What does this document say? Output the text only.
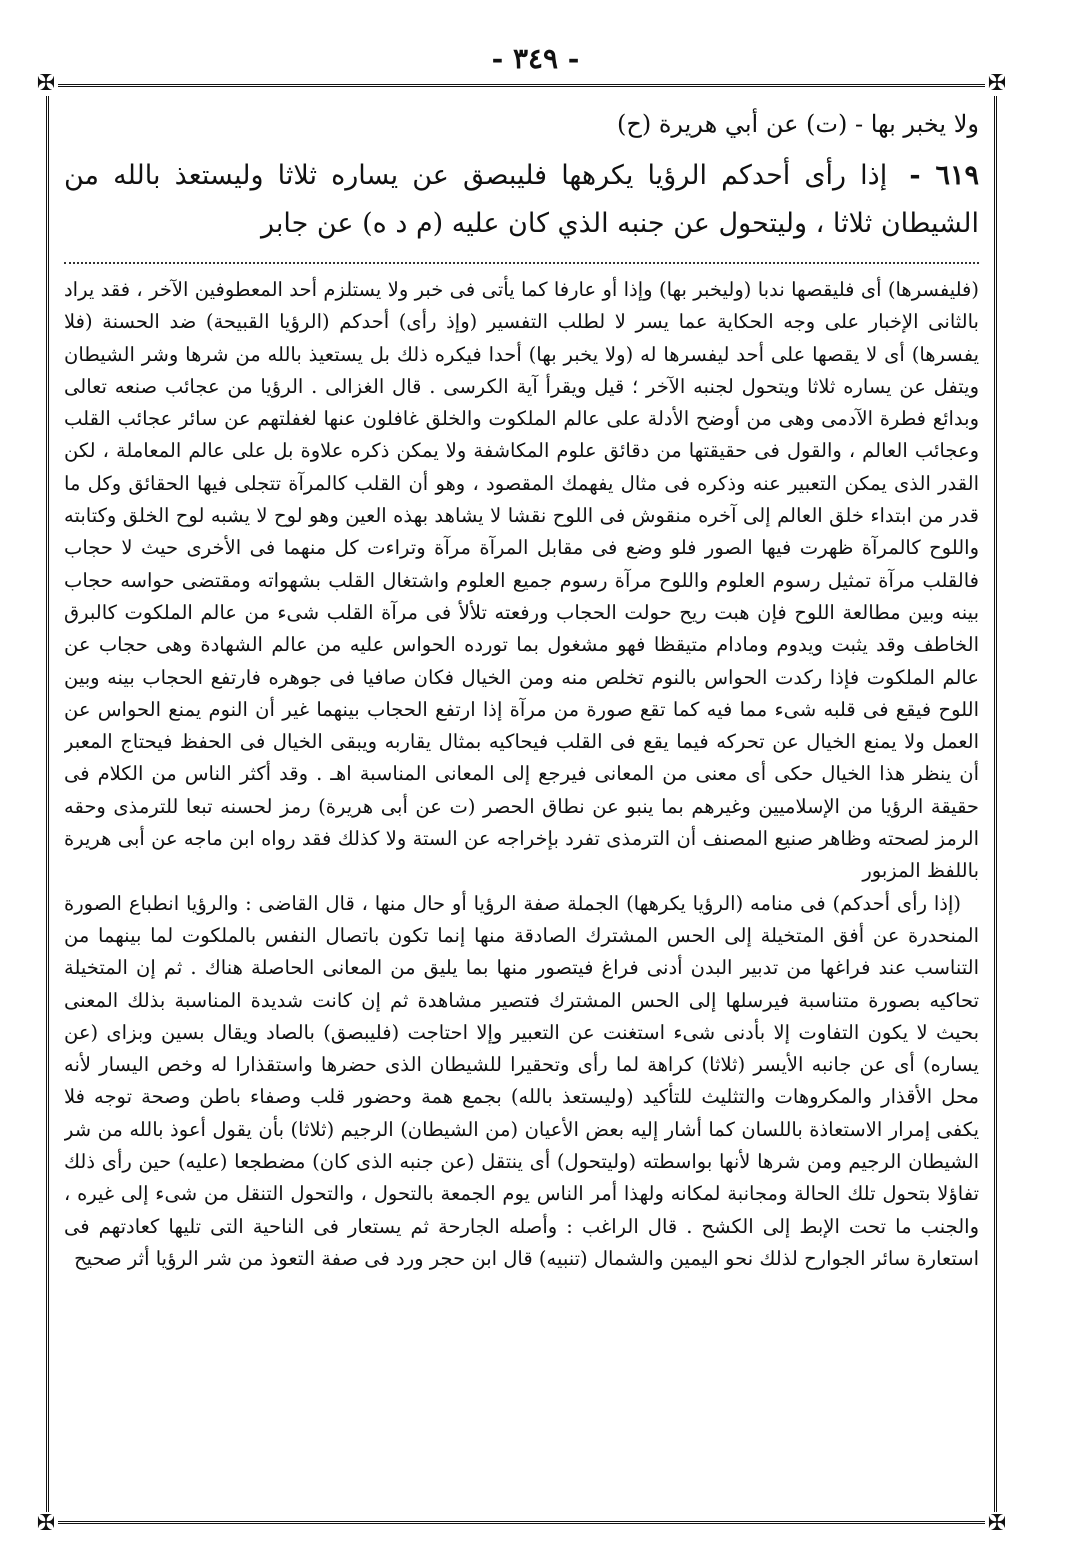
- ٣٤٩ -
✠	✠
✠	✠

ولا يخبر بها - (ت) عن أبي هريرة (ح)

٦١٩ - إذا رأى أحدكم الرؤيا يكرهها فليبصق عن يساره ثلاثا وليستعذ بالله من الشيطان ثلاثا ، وليتحول عن جنبه الذي كان عليه (م د ه) عن جابر

(فليفسرها) أى فليقصها ندبا (وليخبر بها) وإذا أو عارفا كما يأتى فى خبر ولا يستلزم أحد المعطوفين الآخر ، فقد يراد بالثانى الإخبار على وجه الحكاية عما يسر لا لطلب التفسير (وإذ رأى) أحدكم (الرؤيا القبيحة) ضد الحسنة (فلا يفسرها) أى لا يقصها على أحد ليفسرها له (ولا يخبر بها) أحدا فيكره ذلك بل يستعيذ بالله من شرها وشر الشيطان ويتفل عن يساره ثلاثا ويتحول لجنبه الآخر ؛ قيل ويقرأ آية الكرسى . قال الغزالى . الرؤيا من عجائب صنعه تعالى وبدائع فطرة الآدمى وهى من أوضح الأدلة على عالم الملكوت والخلق غافلون عنها لغفلتهم عن سائر عجائب القلب وعجائب العالم ، والقول فى حقيقتها من دقائق علوم المكاشفة ولا يمكن ذكره علاوة بل على عالم المعاملة ، لكن القدر الذى يمكن التعبير عنه وذكره فى مثال يفهمك المقصود ، وهو أن القلب كالمرآة تتجلى فيها الحقائق وكل ما قدر من ابتداء خلق العالم إلى آخره منقوش فى اللوح نقشا لا يشاهد بهذه العين وهو لوح لا يشبه لوح الخلق وكتابته واللوح كالمرآة ظهرت فيها الصور فلو وضع فى مقابل المرآة مرآة وتراءت كل منهما فى الأخرى حيث لا حجاب فالقلب مرآة تمثيل رسوم العلوم واللوح مرآة رسوم جميع العلوم واشتغال القلب بشهواته ومقتضى حواسه حجاب بينه وبين مطالعة اللوح فإن هبت ريح حولت الحجاب ورفعته تلألأ فى مرآة القلب شىء من عالم الملكوت كالبرق الخاطف وقد يثبت ويدوم ومادام متيقظا فهو مشغول بما تورده الحواس عليه من عالم الشهادة وهى حجاب عن عالم الملكوت فإذا ركدت الحواس بالنوم تخلص منه ومن الخيال فكان صافيا فى جوهره فارتفع الحجاب بينه وبين اللوح فيقع فى قلبه شىء مما فيه كما تقع صورة من مرآة إذا ارتفع الحجاب بينهما غير أن النوم يمنع الحواس عن العمل ولا يمنع الخيال عن تحركه فيما يقع فى القلب فيحاكيه بمثال يقاربه ويبقى الخيال فى الحفظ فيحتاج المعبر أن ينظر هذا الخيال حكى أى معنى من المعانى فيرجع إلى المعانى المناسبة اهـ . وقد أكثر الناس من الكلام فى حقيقة الرؤيا من الإسلاميين وغيرهم بما ينبو عن نطاق الحصر (ت عن أبى هريرة) رمز لحسنه تبعا للترمذى وحقه الرمز لصحته وظاهر صنيع المصنف أن الترمذى تفرد بإخراجه عن الستة ولا كذلك فقد رواه ابن ماجه عن أبى هريرة باللفظ المزبور

(إذا رأى أحدكم) فى منامه (الرؤيا يكرهها) الجملة صفة الرؤيا أو حال منها ، قال القاضى : والرؤيا انطباع الصورة المنحدرة عن أفق المتخيلة إلى الحس المشترك الصادقة منها إنما تكون باتصال النفس بالملكوت لما بينهما من التناسب عند فراغها من تدبير البدن أدنى فراغ فيتصور منها بما يليق من المعانى الحاصلة هناك . ثم إن المتخيلة تحاكيه بصورة متناسبة فيرسلها إلى الحس المشترك فتصير مشاهدة ثم إن كانت شديدة المناسبة بذلك المعنى بحيث لا يكون التفاوت إلا بأدنى شىء استغنت عن التعبير وإلا احتاجت (فليبصق) بالصاد ويقال بسين وبزاى (عن يساره) أى عن جانبه الأيسر (ثلاثا) كراهة لما رأى وتحقيرا للشيطان الذى حضرها واستقذارا له وخص اليسار لأنه محل الأقذار والمكروهات والتثليث للتأكيد (وليستعذ بالله) بجمع همة وحضور قلب وصفاء باطن وصحة توجه فلا يكفى إمرار الاستعاذة باللسان كما أشار إليه بعض الأعيان (من الشيطان) الرجيم (ثلاثا) بأن يقول أعوذ بالله من شر الشيطان الرجيم ومن شرها لأنها بواسطته (وليتحول) أى ينتقل (عن جنبه الذى كان) مضطجعا (عليه) حين رأى ذلك تفاؤلا بتحول تلك الحالة ومجانبة لمكانه ولهذا أمر الناس يوم الجمعة بالتحول ، والتحول التنقل من شىء إلى غيره ، والجنب ما تحت الإبط إلى الكشح . قال الراغب : وأصله الجارحة ثم يستعار فى الناحية التى تليها كعادتهم فى استعارة سائر الجوارح لذلك نحو اليمين والشمال (تنبيه) قال ابن حجر ورد فى صفة التعوذ من شر الرؤيا أثر صحيح
